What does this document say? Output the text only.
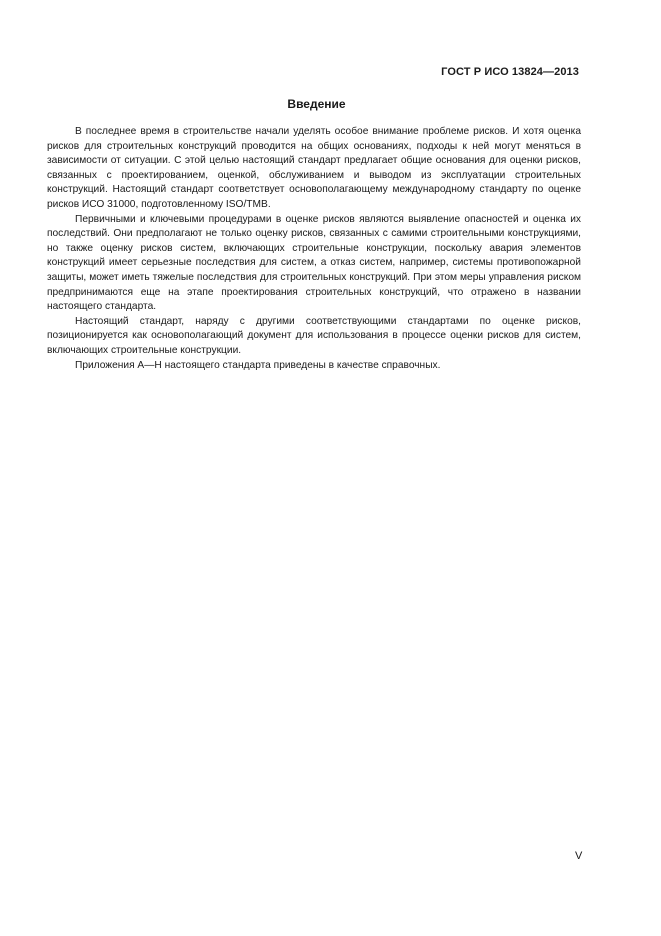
ГОСТ Р ИСО 13824—2013
Введение

В последнее время в строительстве начали уделять особое внимание проблеме рисков. И хотя оценка рисков для строительных конструкций проводится на общих основаниях, подходы к ней могут меняться в зависимости от ситуации. С этой целью настоящий стандарт предлагает общие основания для оценки рисков, связанных с проектированием, оценкой, обслуживанием и выводом из эксплуатации строительных конструкций. Настоящий стандарт соответствует основополагающему международному стандарту по оценке рисков ИСО 31000, подготовленному ISO/TMB.

Первичными и ключевыми процедурами в оценке рисков являются выявление опасностей и оценка их последствий. Они предполагают не только оценку рисков, связанных с самими строительными конструкциями, но также оценку рисков систем, включающих строительные конструкции, поскольку авария элементов конструкций имеет серьезные последствия для систем, а отказ систем, например, системы противопожарной защиты, может иметь тяжелые последствия для строительных конструкций. При этом меры управления риском предпринимаются еще на этапе проектирования строительных конструкций, что отражено в названии настоящего стандарта.

Настоящий стандарт, наряду с другими соответствующими стандартами по оценке рисков, позиционируется как основополагающий документ для использования в процессе оценки рисков для систем, включающих строительные конструкции.

Приложения А—Н настоящего стандарта приведены в качестве справочных.

V
